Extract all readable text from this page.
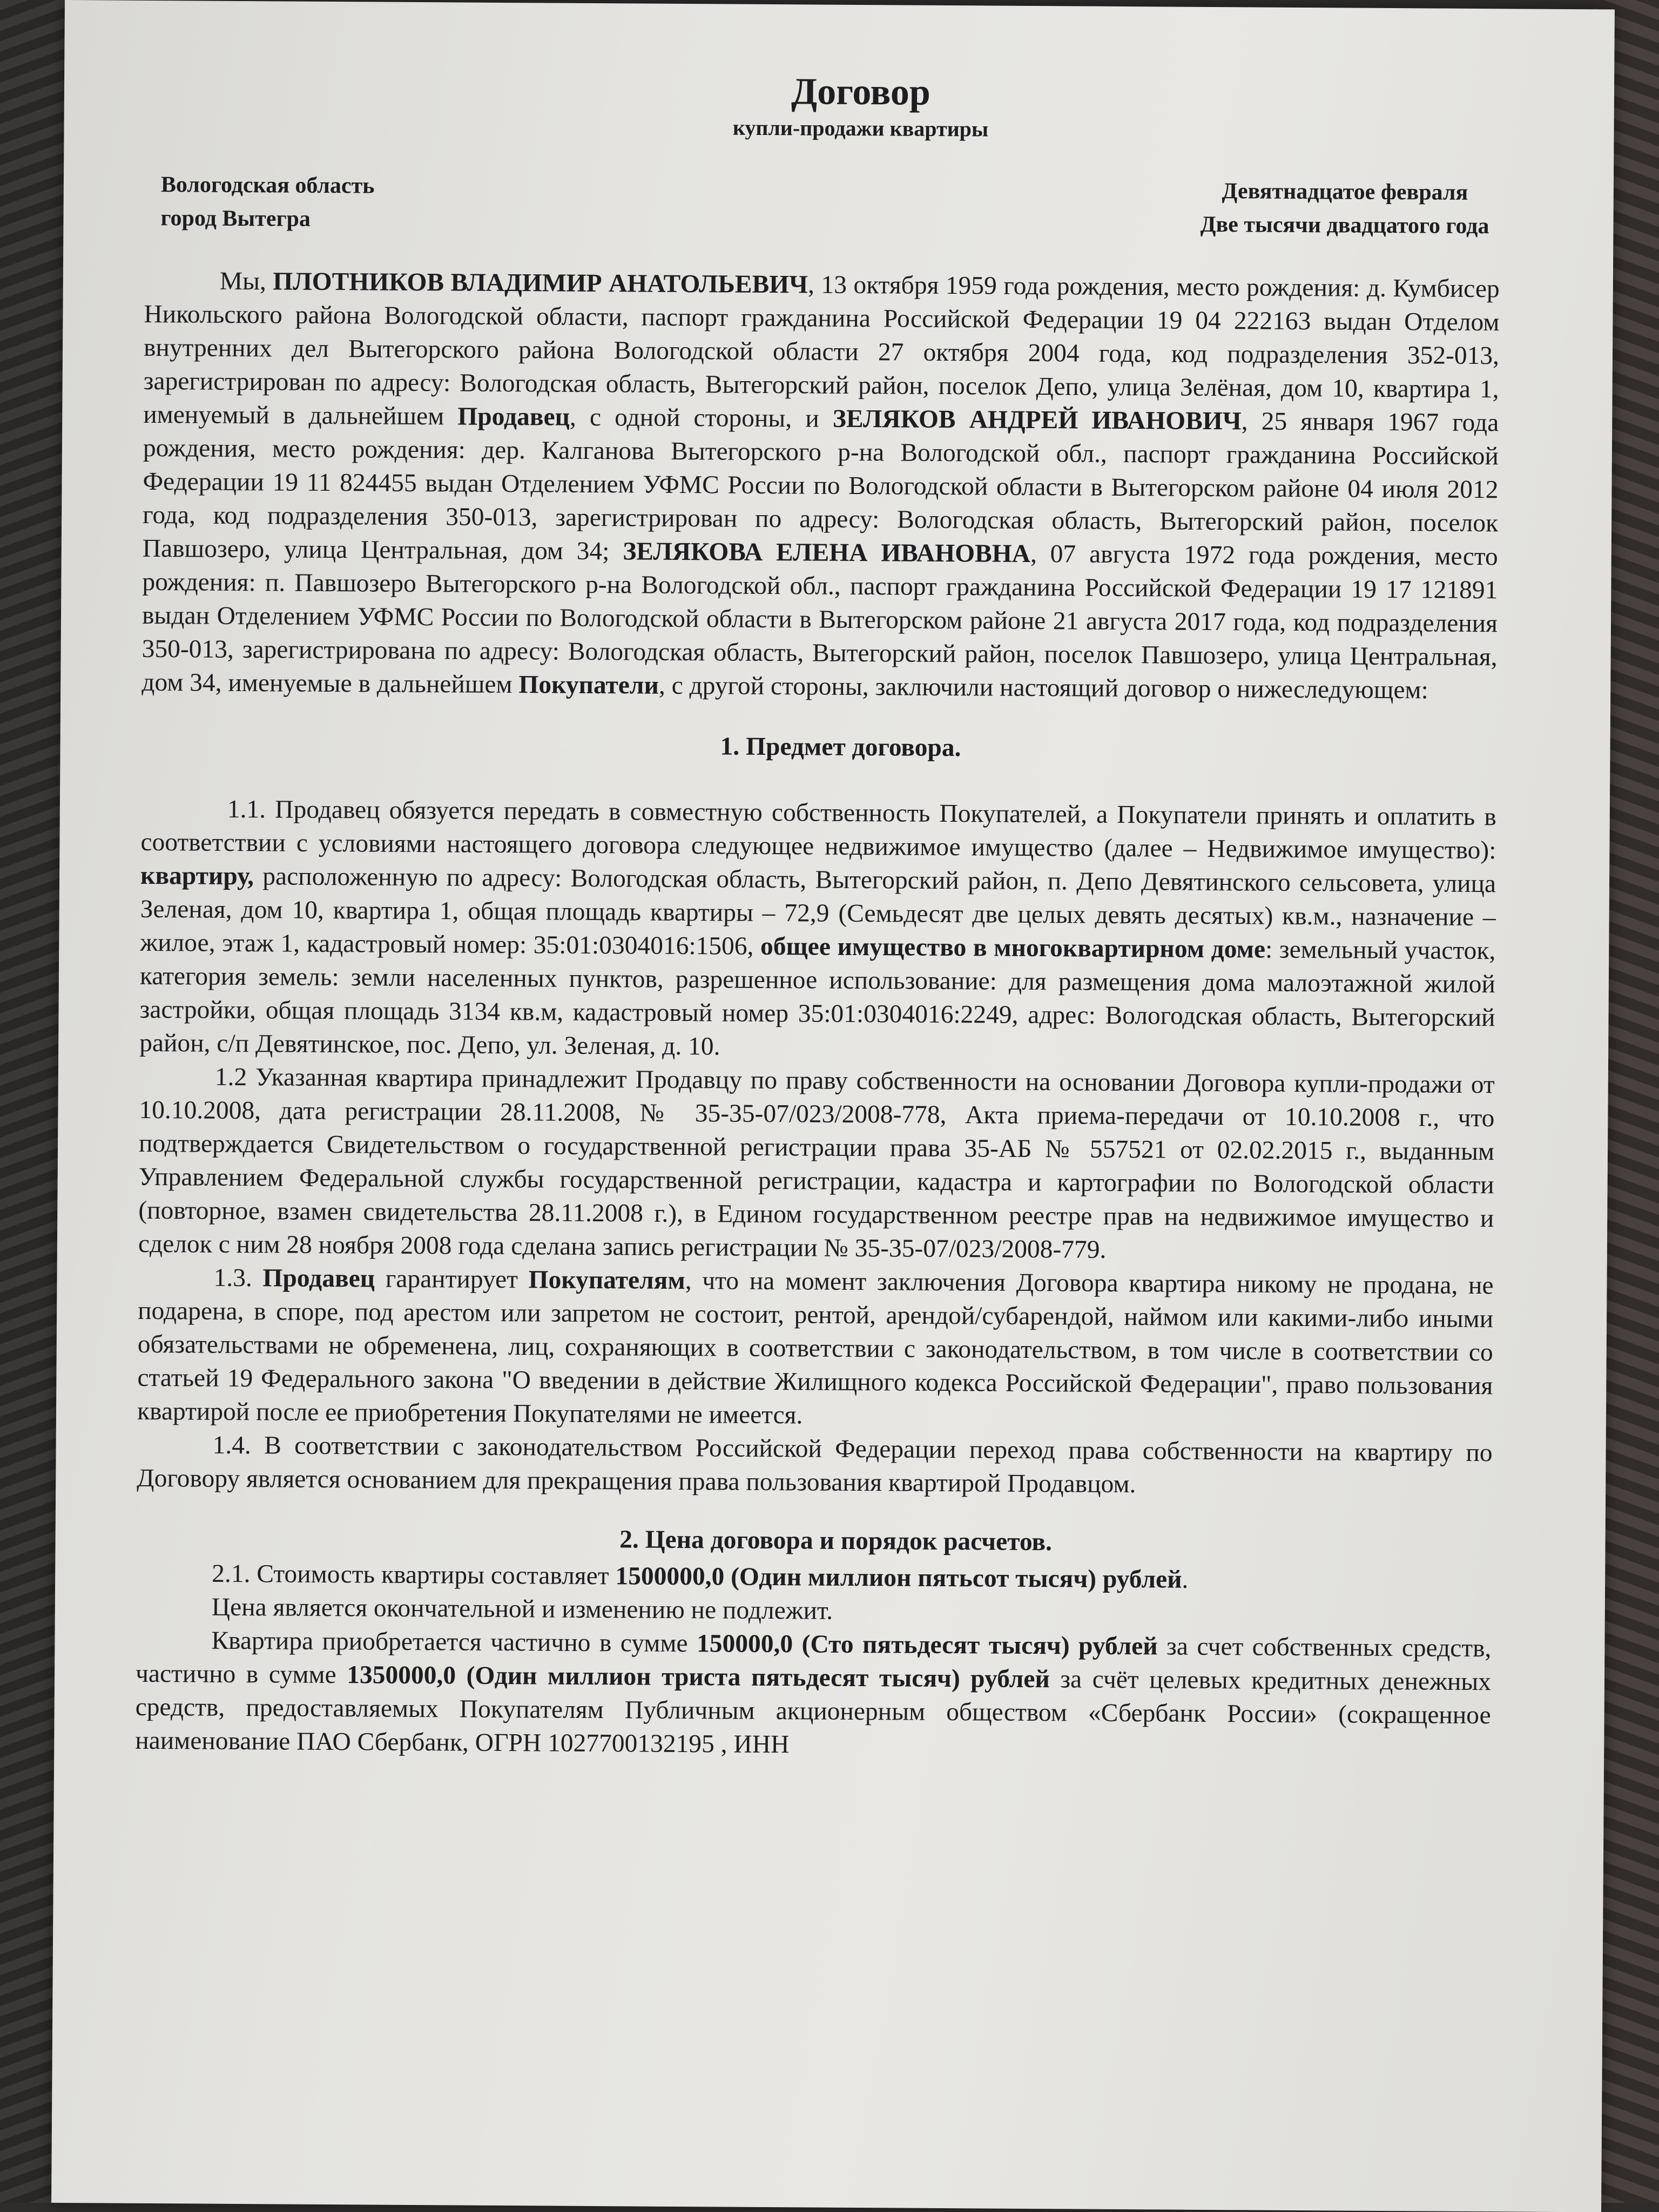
Договор
купли-продажи квартиры
Вологодская область
город Вытегра
Девятнадцатое февраля
Две тысячи двадцатого года

Мы, ПЛОТНИКОВ ВЛАДИМИР АНАТОЛЬЕВИЧ, 13 октября 1959 года рождения, место рождения: д. Кумбисер Никольского района Вологодской области, паспорт гражданина Российской Федерации 19 04 222163 выдан Отделом внутренних дел Вытегорского района Вологодской области 27 октября 2004 года, код подразделения 352-013, зарегистрирован по адресу: Вологодская область, Вытегорский район, поселок Депо, улица Зелёная, дом 10, квартира 1, именуемый в дальнейшем Продавец, с одной стороны, и ЗЕЛЯКОВ АНДРЕЙ ИВАНОВИЧ, 25 января 1967 года рождения, место рождения: дер. Калганова Вытегорского р-на Вологодской обл., паспорт гражданина Российской Федерации 19 11 824455 выдан Отделением УФМС России по Вологодской области в Вытегорском районе 04 июля 2012 года, код подразделения 350-013, зарегистрирован по адресу: Вологодская область, Вытегорский район, поселок Павшозеро, улица Центральная, дом 34; ЗЕЛЯКОВА ЕЛЕНА ИВАНОВНА, 07 августа 1972 года рождения, место рождения: п. Павшозеро Вытегорского р-на Вологодской обл., паспорт гражданина Российской Федерации 19 17 121891 выдан Отделением УФМС России по Вологодской области в Вытегорском районе 21 августа 2017 года, код подразделения 350-013, зарегистрирована по адресу: Вологодская область, Вытегорский район, поселок Павшозеро, улица Центральная, дом 34, именуемые в дальнейшем Покупатели, с другой стороны, заключили настоящий договор о нижеследующем:

1. Предмет договора.

1.1. Продавец обязуется передать в совместную собственность Покупателей, а Покупатели принять и оплатить в соответствии с условиями настоящего договора следующее недвижимое имущество (далее – Недвижимое имущество): квартиру, расположенную по адресу: Вологодская область, Вытегорский район, п. Депо Девятинского сельсовета, улица Зеленая, дом 10, квартира 1, общая площадь квартиры – 72,9 (Семьдесят две целых девять десятых) кв.м., назначение – жилое, этаж 1, кадастровый номер: 35:01:0304016:1506, общее имущество в многоквартирном доме: земельный участок, категория земель: земли населенных пунктов, разрешенное использование: для размещения дома малоэтажной жилой застройки, общая площадь 3134 кв.м, кадастровый номер 35:01:0304016:2249, адрес: Вологодская область, Вытегорский район, с/п Девятинское, пос. Депо, ул. Зеленая, д. 10.

1.2 Указанная квартира принадлежит Продавцу по праву собственности на основании Договора купли-продажи от 10.10.2008, дата регистрации 28.11.2008, № 35-35-07/023/2008-778, Акта приема-передачи от 10.10.2008 г., что подтверждается Свидетельством о государственной регистрации права 35-АБ № 557521 от 02.02.2015 г., выданным Управлением Федеральной службы государственной регистрации, кадастра и картографии по Вологодской области (повторное, взамен свидетельства 28.11.2008 г.), в Едином государственном реестре прав на недвижимое имущество и сделок с ним 28 ноября 2008 года сделана запись регистрации № 35-35-07/023/2008-779.

1.3. Продавец гарантирует Покупателям, что на момент заключения Договора квартира никому не продана, не подарена, в споре, под арестом или запретом не состоит, рентой, арендой/субарендой, наймом или какими-либо иными обязательствами не обременена, лиц, сохраняющих в соответствии с законодательством, в том числе в соответствии со статьей 19 Федерального закона "О введении в действие Жилищного кодекса Российской Федерации", право пользования квартирой после ее приобретения Покупателями не имеется.

1.4. В соответствии с законодательством Российской Федерации переход права собственности на квартиру по Договору является основанием для прекращения права пользования квартирой Продавцом.

2. Цена договора и порядок расчетов.

2.1. Стоимость квартиры составляет 1500000,0 (Один миллион пятьсот тысяч) рублей.

Цена является окончательной и изменению не подлежит.

Квартира приобретается частично в сумме 150000,0 (Сто пятьдесят тысяч) рублей за счет собственных средств, частично в сумме 1350000,0 (Один миллион триста пятьдесят тысяч) рублей за счёт целевых кредитных денежных средств, предоставляемых Покупателям Публичным акционерным обществом «Сбербанк России» (сокращенное наименование ПАО Сбербанк, ОГРН 1027700132195 , ИНН
